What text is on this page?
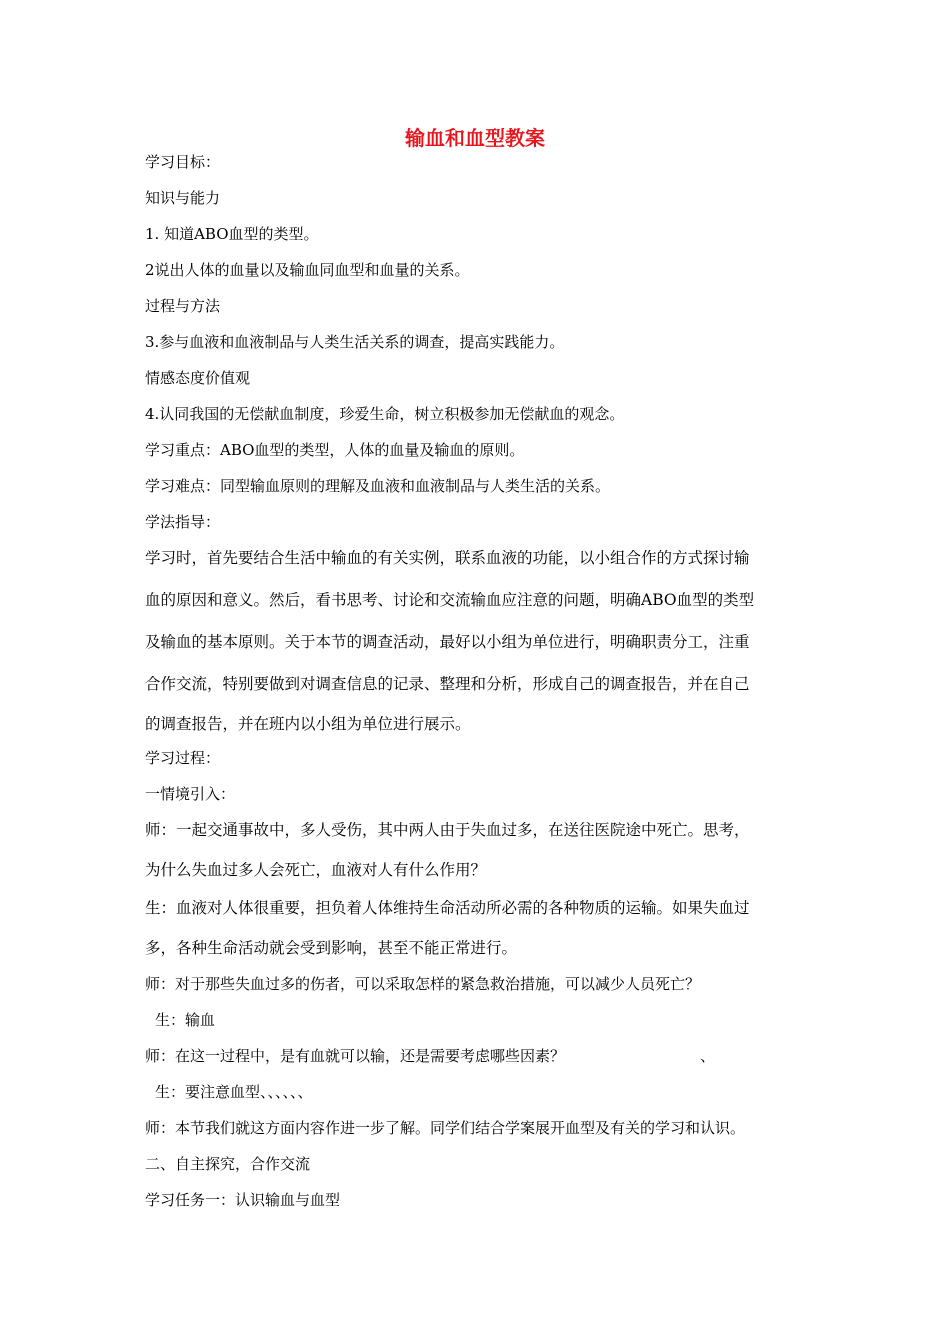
输血和血型教案
学习目标：
知识与能力
1. 知道ABO血型的类型。
2说出人体的血量以及输血同血型和血量的关系。
过程与方法
3.参与血液和血液制品与人类生活关系的调查，提高实践能力。
情感态度价值观
4.认同我国的无偿献血制度，珍爱生命，树立积极参加无偿献血的观念。
学习重点：ABO血型的类型，人体的血量及输血的原则。
学习难点：同型输血原则的理解及血液和血液制品与人类生活的关系。
学法指导：
学习时，首先要结合生活中输血的有关实例，联系血液的功能，以小组合作的方式探讨输
血的原因和意义。然后，看书思考、讨论和交流输血应注意的问题，明确ABO血型的类型
及输血的基本原则。关于本节的调查活动，最好以小组为单位进行，明确职责分工，注重
合作交流，特别要做到对调查信息的记录、整理和分析，形成自己的调查报告，并在自己
的调查报告，并在班内以小组为单位进行展示。
学习过程：
一情境引入：
师：一起交通事故中，多人受伤，其中两人由于失血过多，在送往医院途中死亡。思考，
为什么失血过多人会死亡，血液对人有什么作用？
生：血液对人体很重要，担负着人体维持生命活动所必需的各种物质的运输。如果失血过
多，各种生命活动就会受到影响，甚至不能正常进行。
师：对于那些失血过多的伤者，可以采取怎样的紧急救治措施，可以减少人员死亡？
生：输血
师：在这一过程中，是有血就可以输，还是需要考虑哪些因素？	、
生：要注意血型、、、、、、
师：本节我们就这方面内容作进一步了解。同学们结合学案展开血型及有关的学习和认识。
二、自主探究，合作交流
学习任务一：认识输血与血型
